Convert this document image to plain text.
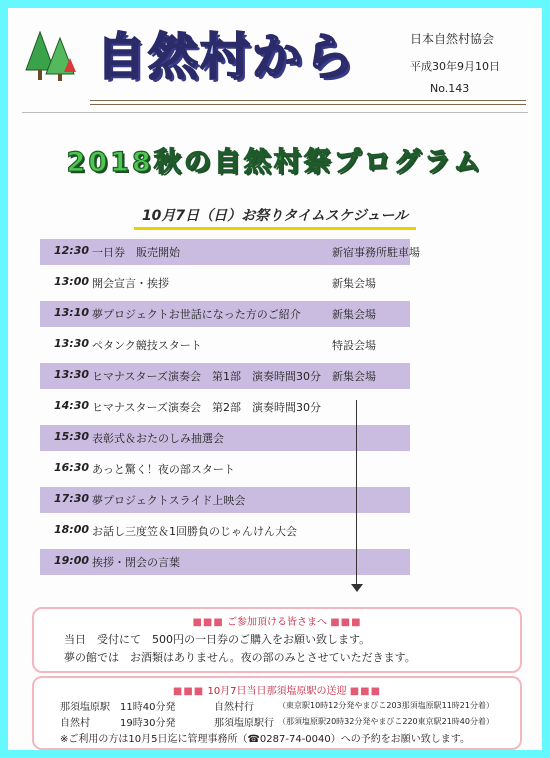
自然村から	日本自然村協会
平成30年9月10日
No.143
2018秋の自然村祭プログラム
10月7日（日）お祭りタイムスケジュール
12:30 一日券　販売開始	新宿事務所駐車場
13:00 開会宣言・挨拶	新集会場
13:10 夢プロジェクトお世話になった方のご紹介	新集会場
13:30 ペタンク競技スタート	特設会場
13:30 ヒマナスターズ演奏会　第1部　演奏時間30分 新集会場
14:30 ヒマナスターズ演奏会　第2部　演奏時間30分
15:30 表彰式＆おたのしみ抽選会
16:30 あっと驚く！夜の部スタート
17:30 夢プロジェクトスライド上映会
18:00 お話し三度笠＆1回勝負のじゃんけん大会
19:00 挨拶・閉会の言葉
■■■ ご参加頂ける皆さまへ ■■■
当日　受付にて　500円の一日券のご購入をお願い致します。
夢の館では　お酒類はありません。夜の部のみとさせていただきます。
■■■ 10月7日当日那須塩原駅の送迎 ■■■
那須塩原駅　11時40分発	自然村行	（東京駅10時12分発やまびこ203那須塩原駅11時21分着）
自然村　　　19時30分発	那須塩原駅行 （那須塩原駅20時32分発やまびこ220東京駅21時40分着）
※ご利用の方は10月5日迄に管理事務所（☎0287-74-0040）への予約をお願い致します。
